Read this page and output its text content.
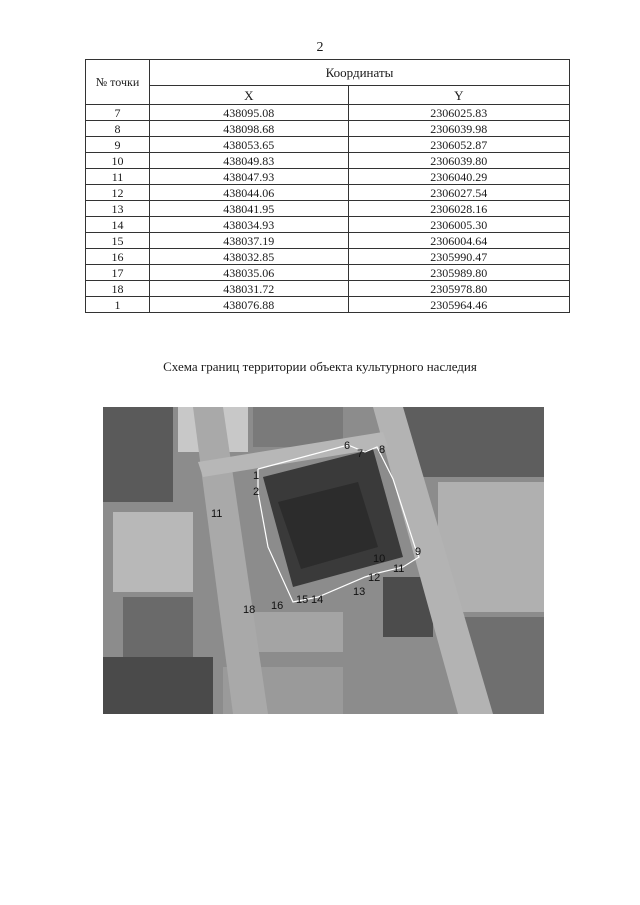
2
№ точки	Координаты	
	X	Y
7	438095.08	2306025.83
8	438098.68	2306039.98
9	438053.65	2306052.87
10	438049.83	2306039.80
11	438047.93	2306040.29
12	438044.06	2306027.54
13	438041.95	2306028.16
14	438034.93	2306005.30
15	438037.19	2306004.64
16	438032.85	2305990.47
17	438035.06	2305989.80
18	438031.72	2305978.80
1	438076.88	2305964.46
Схема границ территории объекта культурного наследия
1
2
6
7 8
9
10
11
12
13
14
15
16
18
11
